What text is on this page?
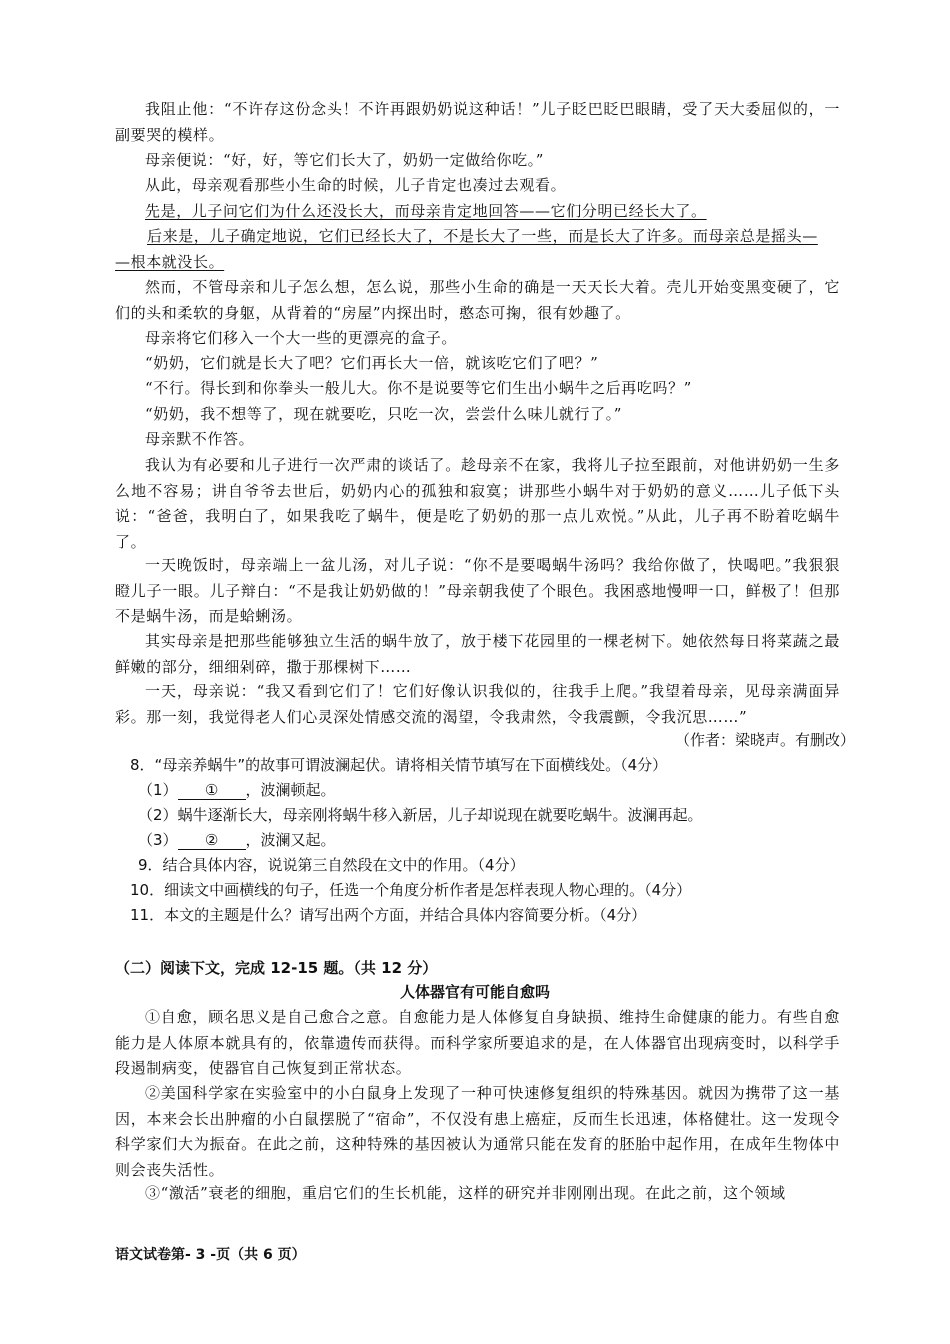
我阻止他：“不许存这份念头！不许再跟奶奶说这种话！”儿子眨巴眨巴眼睛，受了天大委屈似的，一副要哭的模样。
母亲便说：“好，好，等它们长大了，奶奶一定做给你吃。”
从此，母亲观看那些小生命的时候，儿子肯定也凑过去观看。
先是，儿子问它们为什么还没长大，而母亲肯定地回答——它们分明已经长大了。
后来是，儿子确定地说，它们已经长大了，不是长大了一些，而是长大了许多。而母亲总是摇头—
—根本就没长。
然而，不管母亲和儿子怎么想，怎么说，那些小生命的确是一天天长大着。壳儿开始变黑变硬了，它们的头和柔软的身躯，从背着的“房屋”内探出时，憨态可掬，很有妙趣了。
母亲将它们移入一个大一些的更漂亮的盒子。
“奶奶，它们就是长大了吧？它们再长大一倍，就该吃它们了吧？”
“不行。得长到和你拳头一般儿大。你不是说要等它们生出小蜗牛之后再吃吗？”
“奶奶，我不想等了，现在就要吃，只吃一次，尝尝什么味儿就行了。”
母亲默不作答。
我认为有必要和儿子进行一次严肃的谈话了。趁母亲不在家，我将儿子拉至跟前，对他讲奶奶一生多么地不容易；讲自爷爷去世后，奶奶内心的孤独和寂寞；讲那些小蜗牛对于奶奶的意义……儿子低下头说：“爸爸，我明白了，如果我吃了蜗牛，便是吃了奶奶的那一点儿欢悦。”从此，儿子再不盼着吃蜗牛了。
一天晚饭时，母亲端上一盆儿汤，对儿子说：“你不是要喝蜗牛汤吗？我给你做了，快喝吧。”我狠狠瞪儿子一眼。儿子辩白：“不是我让奶奶做的！”母亲朝我使了个眼色。我困惑地慢呷一口，鲜极了！但那不是蜗牛汤，而是蛤蜊汤。
其实母亲是把那些能够独立生活的蜗牛放了，放于楼下花园里的一棵老树下。她依然每日将菜蔬之最鲜嫩的部分，细细剁碎，撒于那棵树下……
一天，母亲说：“我又看到它们了！它们好像认识我似的，往我手上爬。”我望着母亲，见母亲满面异彩。那一刻，我觉得老人们心灵深处情感交流的渴望，令我肃然，令我震颤，令我沉思……”
（作者：梁晓声。有删改）
8．“母亲养蜗牛”的故事可谓波澜起伏。请将相关情节填写在下面横线处。（4分）
（1） ① ，波澜顿起。
（2）蜗牛逐渐长大，母亲刚将蜗牛移入新居，儿子却说现在就要吃蜗牛。波澜再起。
（3） ② ，波澜又起。
9．结合具体内容，说说第三自然段在文中的作用。（4分）
10．细读文中画横线的句子，任选一个角度分析作者是怎样表现人物心理的。（4分）
11．本文的主题是什么？请写出两个方面，并结合具体内容简要分析。（4分）
（二）阅读下文，完成 12-15 题。（共 12 分）
人体器官有可能自愈吗
①自愈，顾名思义是自己愈合之意。自愈能力是人体修复自身缺损、维持生命健康的能力。有些自愈能力是人体原本就具有的，依靠遗传而获得。而科学家所要追求的是，在人体器官出现病变时，以科学手段遏制病变，使器官自己恢复到正常状态。
②美国科学家在实验室中的小白鼠身上发现了一种可快速修复组织的特殊基因。就因为携带了这一基因，本来会长出肿瘤的小白鼠摆脱了“宿命”，不仅没有患上癌症，反而生长迅速，体格健壮。这一发现令科学家们大为振奋。在此之前，这种特殊的基因被认为通常只能在发育的胚胎中起作用，在成年生物体中则会丧失活性。
③“激活”衰老的细胞，重启它们的生长机能，这样的研究并非刚刚出现。在此之前，这个领域
语文试卷第- 3 -页（共 6 页）
